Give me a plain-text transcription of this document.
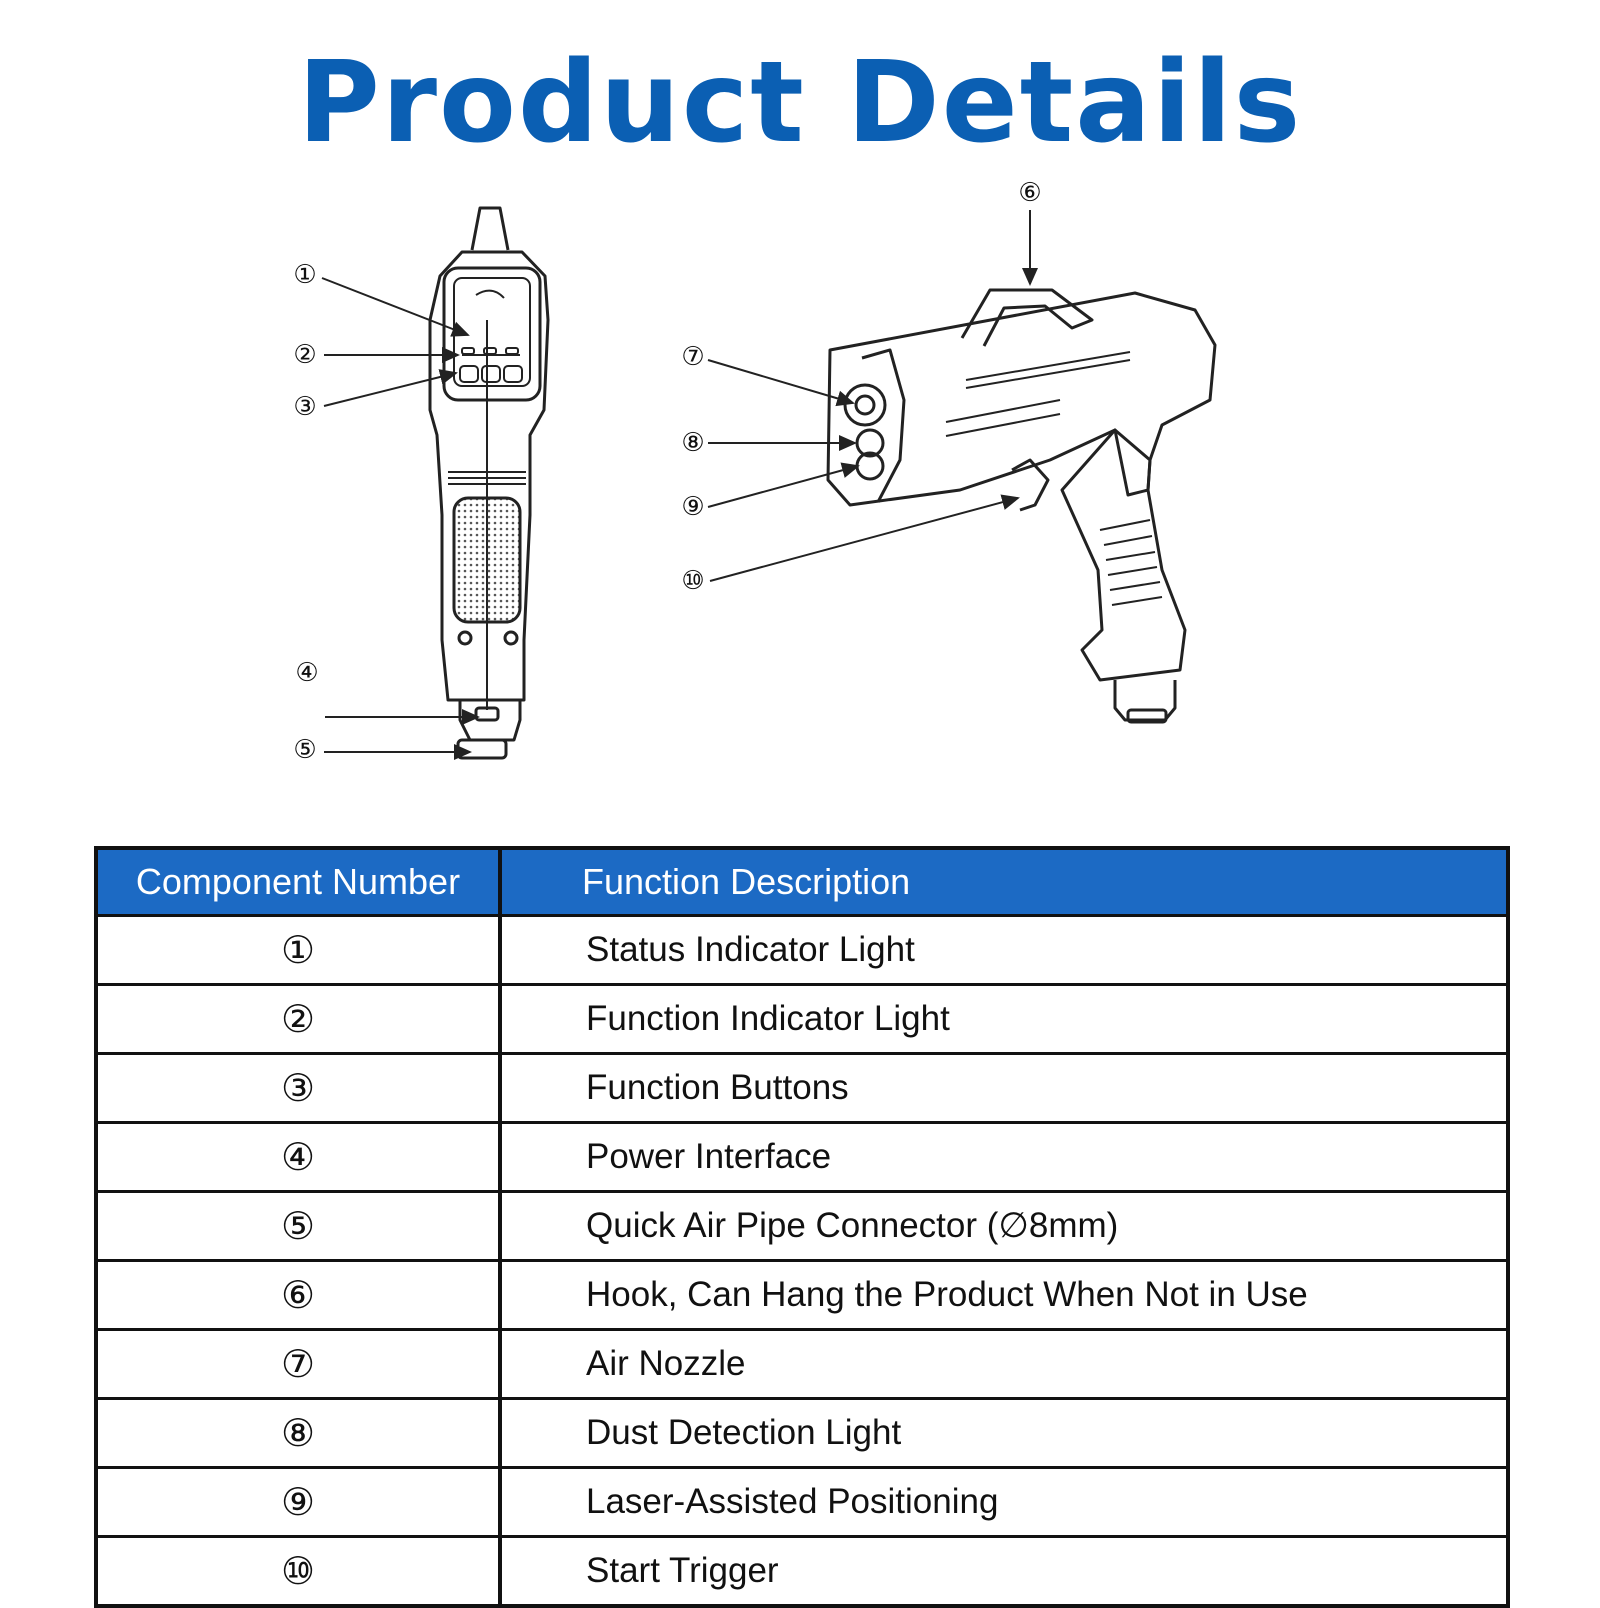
Product Details
①
②
③
④
⑤
⑥
⑦
⑧
⑨
⑩
Component Number	Function Description
①	Status Indicator Light
②	Function Indicator Light
③	Function Buttons
④	Power Interface
⑤	Quick Air Pipe Connector (∅8mm)
⑥	Hook, Can Hang the Product When Not in Use
⑦	Air Nozzle
⑧	Dust Detection Light
⑨	Laser-Assisted Positioning
⑩	Start Trigger
